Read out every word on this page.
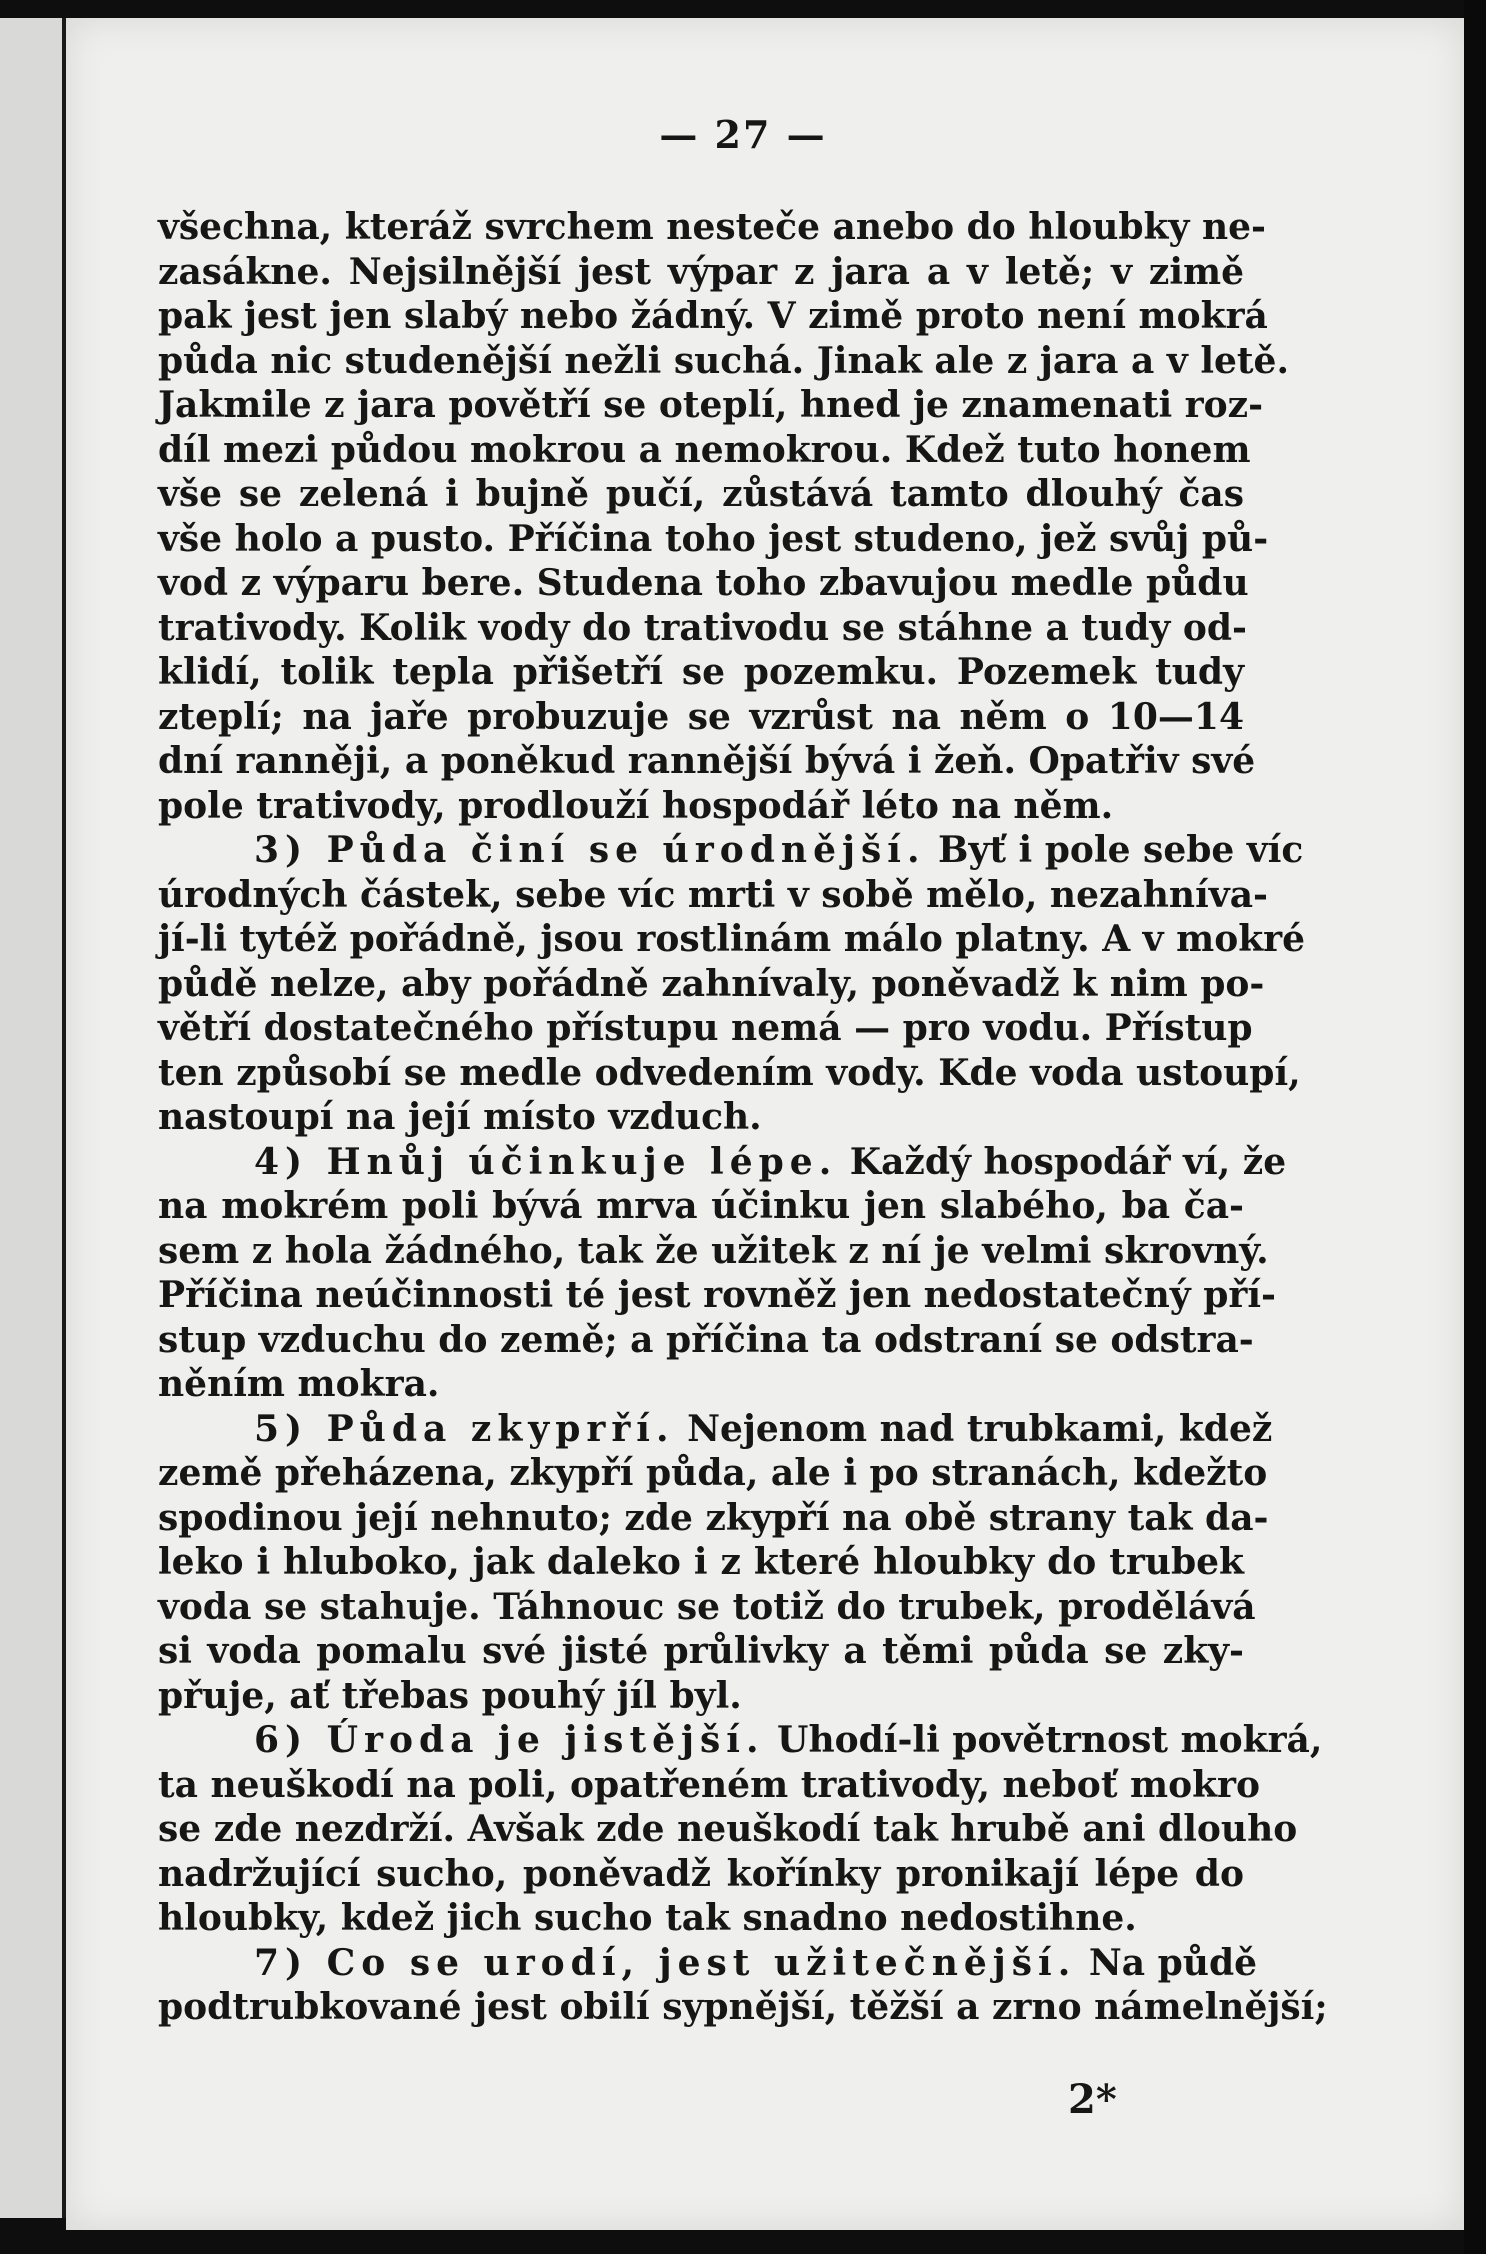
— 27 —
všechna, kteráž svrchem nesteče anebo do hloubky ne-
zasákne. Nejsilnější jest výpar z jara a v letě; v zimě
pak jest jen slabý nebo žádný. V zimě proto není mokrá
půda nic studenější nežli suchá. Jinak ale z jara a v letě.
Jakmile z jara povětří se oteplí, hned je znamenati roz-
díl mezi půdou mokrou a nemokrou. Kdež tuto honem
vše se zelená i bujně pučí, zůstává tamto dlouhý čas
vše holo a pusto. Příčina toho jest studeno, jež svůj pů-
vod z výparu bere. Studena toho zbavujou medle půdu
trativody. Kolik vody do trativodu se stáhne a tudy od-
klidí, tolik tepla přišetří se pozemku. Pozemek tudy
zteplí; na jaře probuzuje se vzrůst na něm o 10—14
dní ranněji, a poněkud rannější bývá i žeň. Opatřiv své
pole trativody, prodlouží hospodář léto na něm.
3) Půda činí se úrodnější. Byť i pole sebe víc
úrodných částek, sebe víc mrti v sobě mělo, nezahníva-
jí-li tytéž pořádně, jsou rostlinám málo platny. A v mokré
půdě nelze, aby pořádně zahnívaly, poněvadž k nim po-
větří dostatečného přístupu nemá — pro vodu. Přístup
ten způsobí se medle odvedením vody. Kde voda ustoupí,
nastoupí na její místo vzduch.
4) Hnůj účinkuje lépe. Každý hospodář ví, že
na mokrém poli bývá mrva účinku jen slabého, ba ča-
sem z hola žádného, tak že užitek z ní je velmi skrovný.
Příčina neúčinnosti té jest rovněž jen nedostatečný pří-
stup vzduchu do země; a příčina ta odstraní se odstra-
něním mokra.
5) Půda zkyprří. Nejenom nad trubkami, kdež
země přeházena, zkypří půda, ale i po stranách, kdežto
spodinou její nehnuto; zde zkypří na obě strany tak da-
leko i hluboko, jak daleko i z které hloubky do trubek
voda se stahuje. Táhnouc se totiž do trubek, prodělává
si voda pomalu své jisté průlivky a těmi půda se zky-
přuje, ať třebas pouhý jíl byl.
6) Úroda je jistější. Uhodí-li povětrnost mokrá,
ta neuškodí na poli, opatřeném trativody, neboť mokro
se zde nezdrží. Avšak zde neuškodí tak hrubě ani dlouho
nadržující sucho, poněvadž kořínky pronikají lépe do
hloubky, kdež jich sucho tak snadno nedostihne.
7) Co se urodí, jest užitečnější. Na půdě
podtrubkované jest obilí sypnější, těžší a zrno námelnější;
2*
